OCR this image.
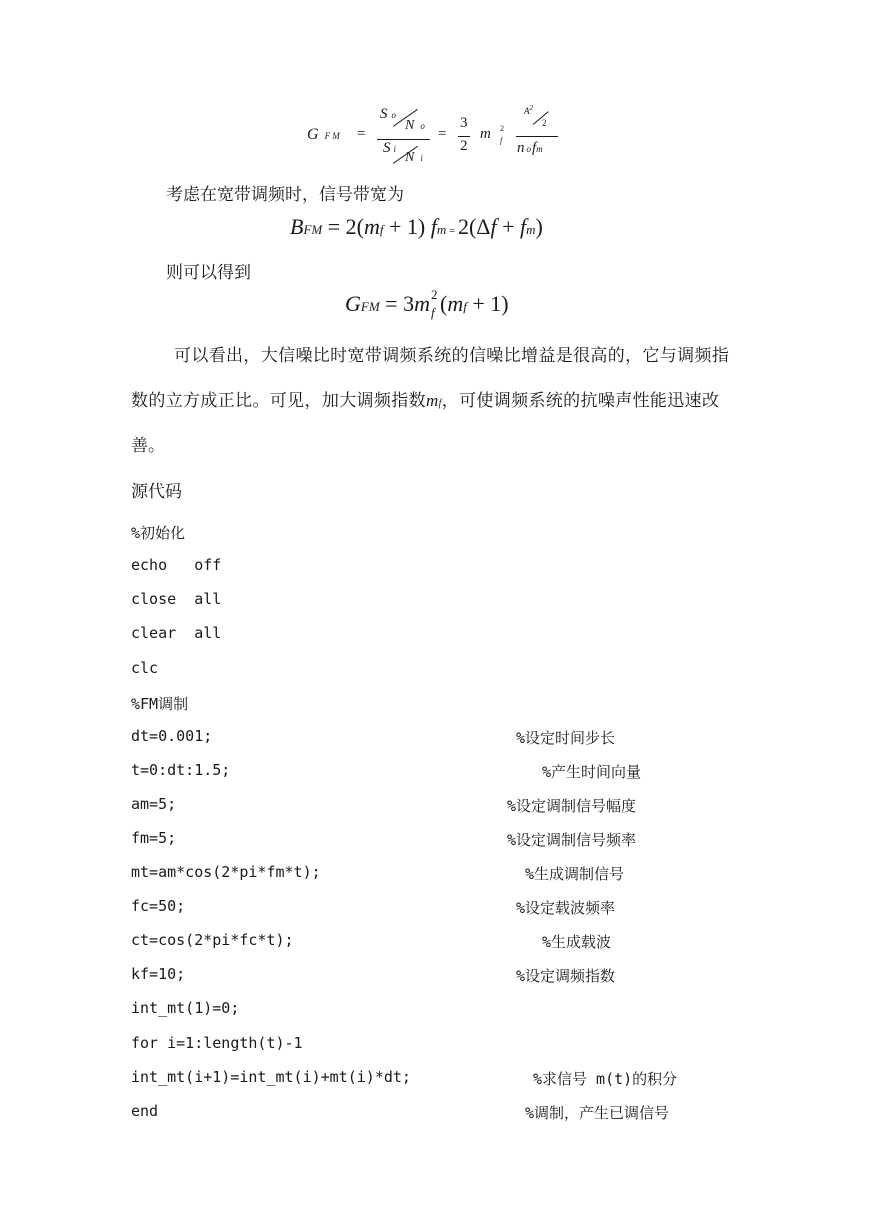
G F M =
So
No
Si
Ni
=
3
2
m 2
f
$A^2$
2
nofm
考虑在宽带调频时，信号带宽为
BFM = 2(mf + 1) fm = 2(Δf + fm)
则可以得到
GFM = 3m 2
f (mf + 1)
可以看出，大信噪比时宽带调频系统的信噪比增益是很高的，它与调频指
数的立方成正比。可见，加大调频指数mf，可使调频系统的抗噪声性能迅速改
善。
源代码
%初始化
echo   off
close  all
clear  all
clc
%FM调制
dt=0.001;	%设定时间步长
t=0:dt:1.5;	%产生时间向量
am=5;	%设定调制信号幅度
fm=5;	%设定调制信号频率
mt=am*cos(2*pi*fm*t);	%生成调制信号
fc=50;	%设定载波频率
ct=cos(2*pi*fc*t);	%生成载波
kf=10;	%设定调频指数
int_mt(1)=0;
for i=1:length(t)-1
int_mt(i+1)=int_mt(i)+mt(i)*dt;	%求信号 m(t)的积分
end	%调制，产生已调信号
